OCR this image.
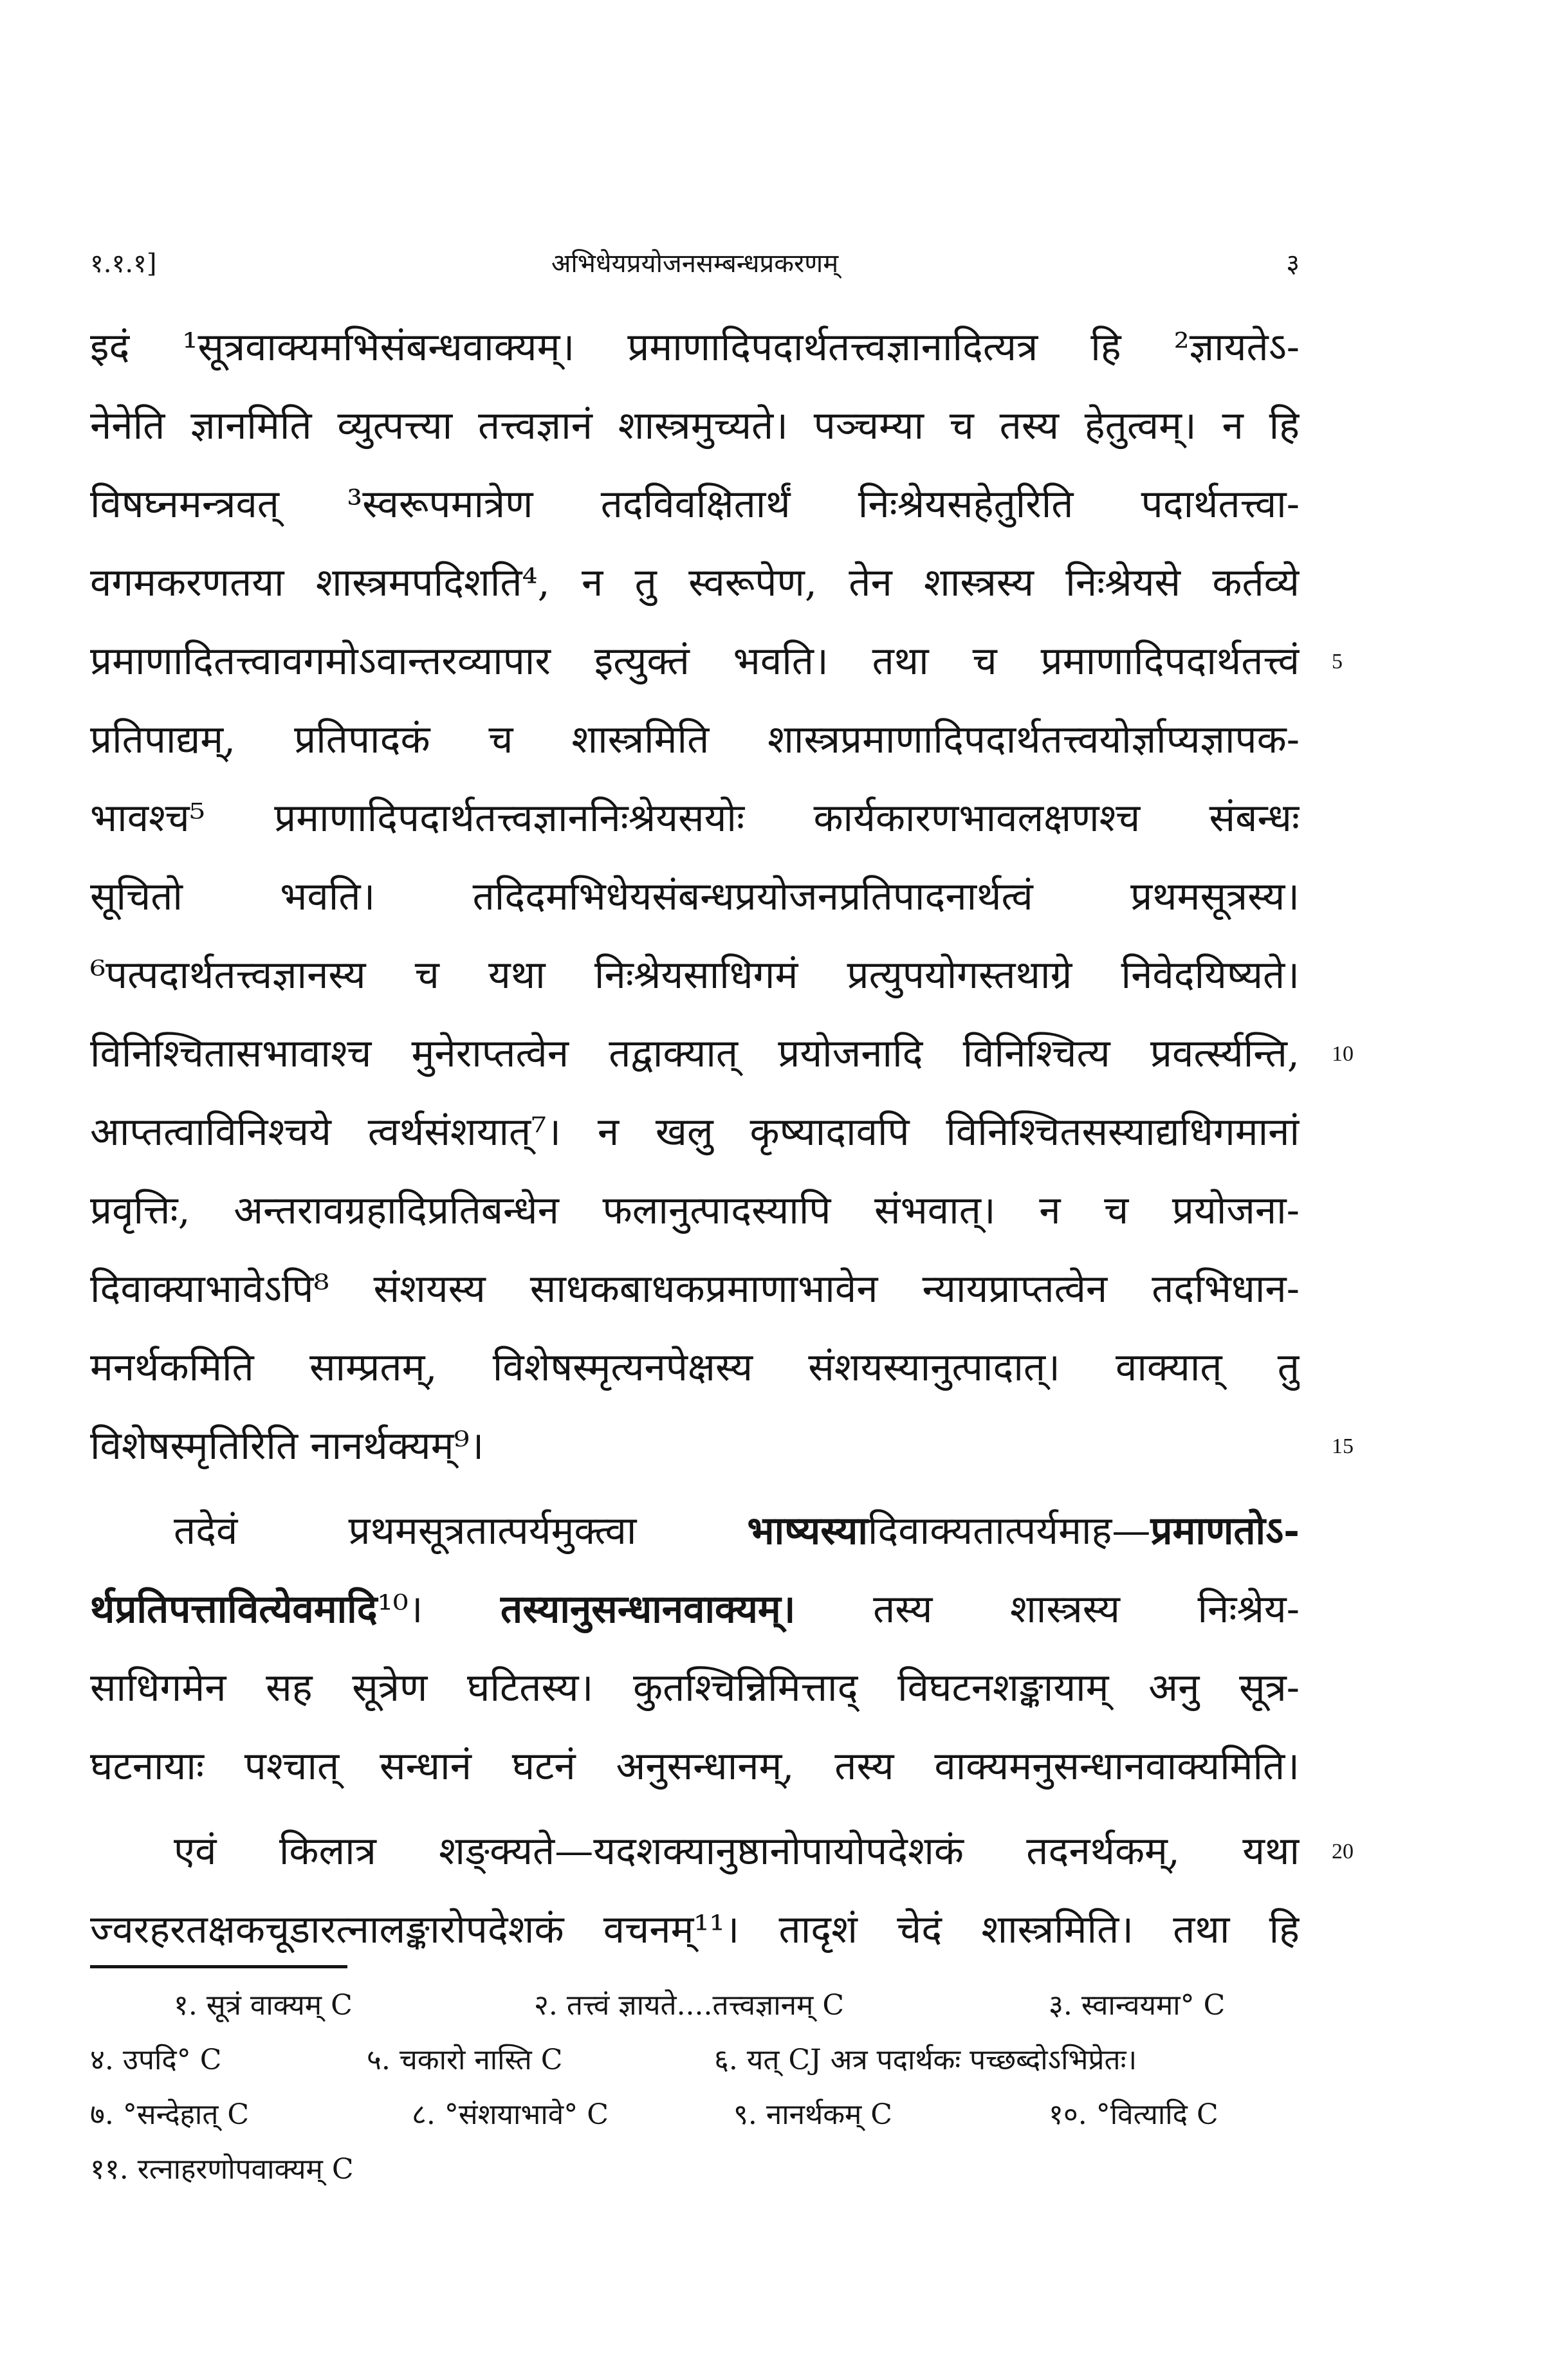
१.१.१]	अभिधेयप्रयोजनसम्बन्धप्रकरणम्	३
इदं ¹सूत्रवाक्यमभिसंबन्धवाक्यम्। प्रमाणादिपदार्थतत्त्वज्ञानादित्यत्र हि ²ज्ञायतेऽ-
नेनेति ज्ञानमिति व्युत्पत्त्या तत्त्वज्ञानं शास्त्रमुच्यते। पञ्चम्या च तस्य हेतुत्वम्। न हि
विषघ्नमन्त्रवत् ³स्वरूपमात्रेण तदविवक्षितार्थं निःश्रेयसहेतुरिति पदार्थतत्त्वा-
वगमकरणतया शास्त्रमपदिशति⁴, न तु स्वरूपेण, तेन शास्त्रस्य निःश्रेयसे कर्तव्ये
प्रमाणादितत्त्वावगमोऽवान्तरव्यापार इत्युक्तं भवति। तथा च प्रमाणादिपदार्थतत्त्वं
प्रतिपाद्यम्, प्रतिपादकं च शास्त्रमिति शास्त्रप्रमाणादिपदार्थतत्त्वयोर्ज्ञाप्यज्ञापक-
भावश्च⁵ प्रमाणादिपदार्थतत्त्वज्ञाननिःश्रेयसयोः कार्यकारणभावलक्षणश्च संबन्धः
सूचितो भवति। तदिदमभिधेयसंबन्धप्रयोजनप्रतिपादनार्थत्वं प्रथमसूत्रस्य।
⁶पत्पदार्थतत्त्वज्ञानस्य च यथा निःश्रेयसाधिगमं प्रत्युपयोगस्तथाग्रे निवेदयिष्यते।
विनिश्चितासभावाश्च मुनेराप्तत्वेन तद्वाक्यात् प्रयोजनादि विनिश्चित्य प्रवर्त्स्यन्ति,
आप्तत्वाविनिश्चये त्वर्थसंशयात्⁷। न खलु कृष्यादावपि विनिश्चितसस्याद्यधिगमानां
प्रवृत्तिः, अन्तरावग्रहादिप्रतिबन्धेन फलानुत्पादस्यापि संभवात्। न च प्रयोजना-
दिवाक्याभावेऽपि⁸ संशयस्य साधकबाधकप्रमाणाभावेन न्यायप्राप्तत्वेन तदभिधान-
मनर्थकमिति साम्प्रतम्, विशेषस्मृत्यनपेक्षस्य संशयस्यानुत्पादात्। वाक्यात् तु
विशेषस्मृतिरिति नानर्थक्यम्⁹।
तदेवं प्रथमसूत्रतात्पर्यमुक्त्वा भाष्यस्यादिवाक्यतात्पर्यमाह—प्रमाणतोऽ-
र्थप्रतिपत्तावित्येवमादि¹⁰। तस्यानुसन्धानवाक्यम्। तस्य शास्त्रस्य निःश्रेय-
साधिगमेन सह सूत्रेण घटितस्य। कुतश्चिन्निमित्ताद् विघटनशङ्कायाम् अनु सूत्र-
घटनायाः पश्चात् सन्धानं घटनं अनुसन्धानम्, तस्य वाक्यमनुसन्धानवाक्यमिति।
एवं किलात्र शङ्क्यते—यदशक्यानुष्ठानोपायोपदेशकं तदनर्थकम्, यथा
ज्वरहरतक्षकचूडारत्नालङ्कारोपदेशकं वचनम्¹¹। तादृशं चेदं शास्त्रमिति। तथा हि
5
10
15
20
१. सूत्रं वाक्यम् C	२. तत्त्वं ज्ञायते....तत्त्वज्ञानम् C	३. स्वान्वयमा° C
४. उपदि° C	५. चकारो नास्ति C	६. यत् CJ अत्र पदार्थकः पच्छब्दोऽभिप्रेतः।
७. °सन्देहात् C	८. °संशयाभावे° C	९. नानर्थकम् C	१०. °वित्यादि C
११. रत्नाहरणोपवाक्यम् C
